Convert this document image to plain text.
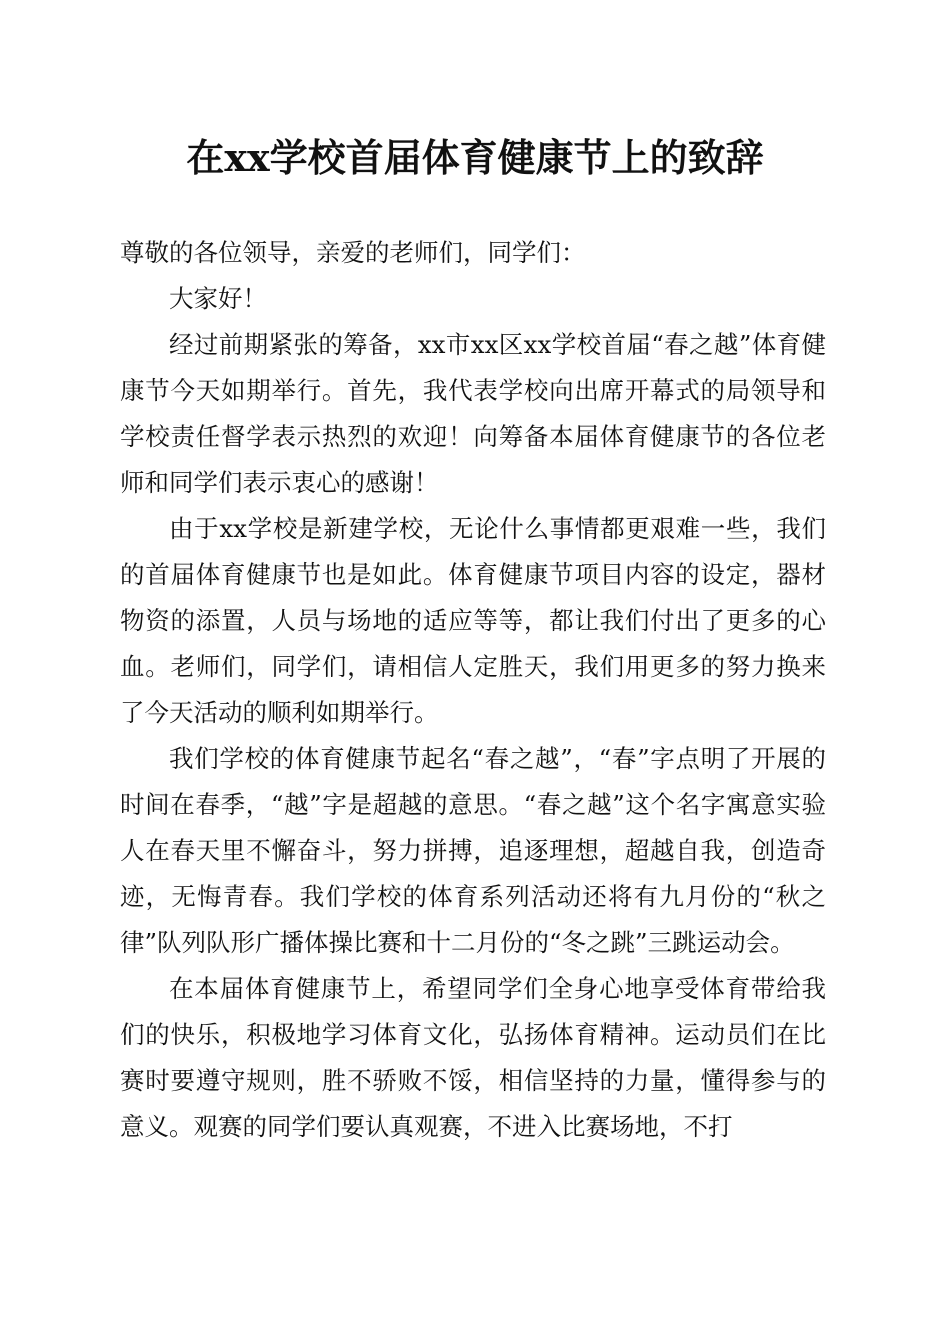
在xx学校首届体育健康节上的致辞

尊敬的各位领导，亲爱的老师们，同学们：

大家好！

经过前期紧张的筹备，xx市xx区xx学校首届“春之越”体育健康节今天如期举行。首先，我代表学校向出席开幕式的局领导和学校责任督学表示热烈的欢迎！向筹备本届体育健康节的各位老师和同学们表示衷心的感谢！

由于xx学校是新建学校，无论什么事情都更艰难一些，我们的首届体育健康节也是如此。体育健康节项目内容的设定，器材物资的添置，人员与场地的适应等等，都让我们付出了更多的心血。老师们，同学们，请相信人定胜天，我们用更多的努力换来了今天活动的顺利如期举行。

我们学校的体育健康节起名“春之越”，“春”字点明了开展的时间在春季，“越”字是超越的意思。“春之越”这个名字寓意实验人在春天里不懈奋斗，努力拼搏，追逐理想，超越自我，创造奇迹，无悔青春。我们学校的体育系列活动还将有九月份的“秋之律”队列队形广播体操比赛和十二月份的“冬之跳”三跳运动会。

在本届体育健康节上，希望同学们全身心地享受体育带给我们的快乐，积极地学习体育文化，弘扬体育精神。运动员们在比赛时要遵守规则，胜不骄败不馁，相信坚持的力量，懂得参与的意义。观赛的同学们要认真观赛，不进入比赛场地，不打
